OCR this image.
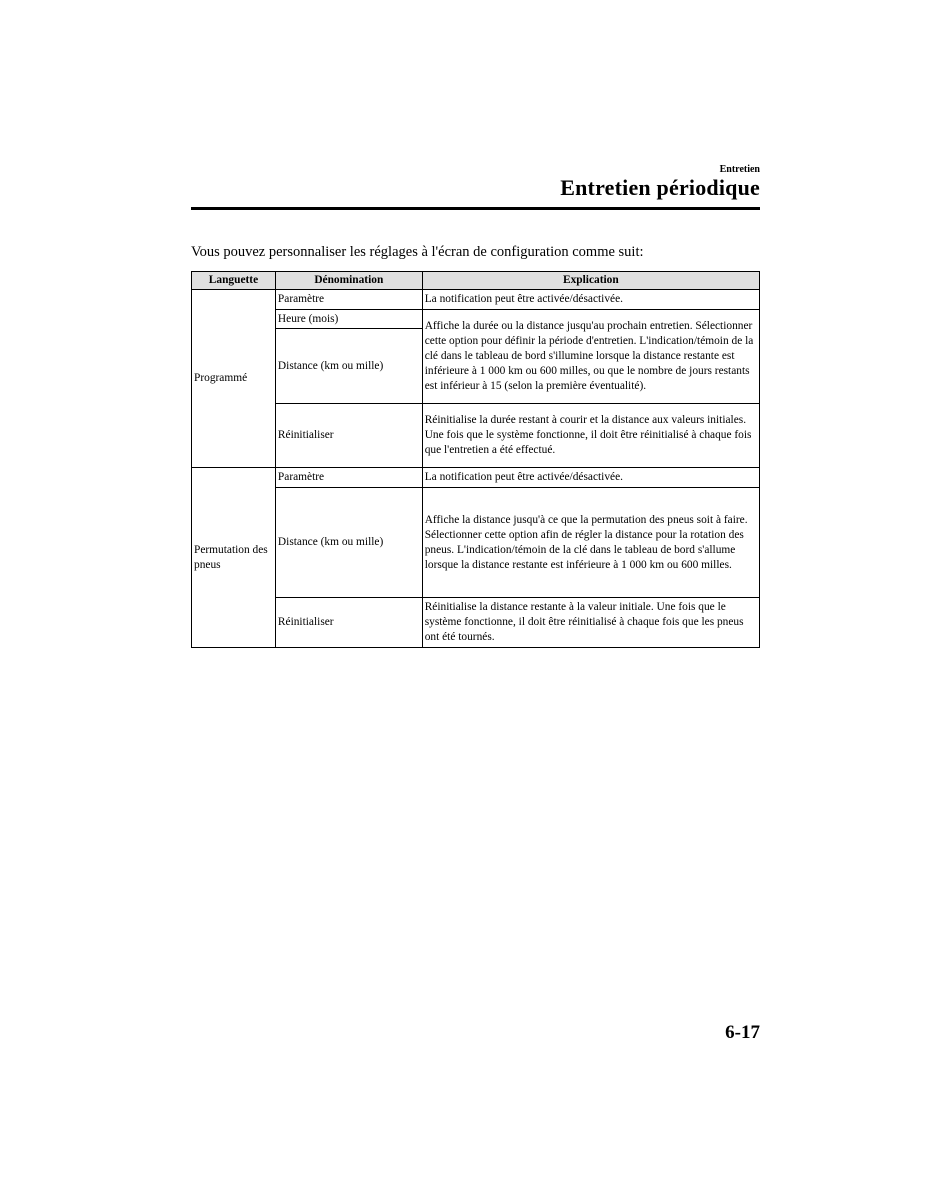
Entretien
Entretien périodique
Vous pouvez personnaliser les réglages à l'écran de configuration comme suit:
Languette	Dénomination	Explication
Programmé	Paramètre	La notification peut être activée/désactivée.
	Heure (mois)	Affiche la durée ou la distance jusqu'au prochain entretien. Sélectionner cette option pour définir la période d'entretien. L'indication/témoin de la clé dans le tableau de bord s'illumine lorsque la distance restante est inférieure à 1 000 km ou 600 milles, ou que le nombre de jours restants est inférieur à 15 (selon la première éventualité).
	Distance (km ou mille)	
	Réinitialiser	Réinitialise la durée restant à courir et la distance aux valeurs initiales. Une fois que le système fonctionne, il doit être réinitialisé à chaque fois que l'entretien a été effectué.
Permutation des pneus	Paramètre	La notification peut être activée/désactivée.
	Distance (km ou mille)	Affiche la distance jusqu'à ce que la permutation des pneus soit à faire. Sélectionner cette option afin de régler la distance pour la rotation des pneus. L'indication/témoin de la clé dans le tableau de bord s'allume lorsque la distance restante est inférieure à 1 000 km ou 600 milles.
	Réinitialiser	Réinitialise la distance restante à la valeur initiale. Une fois que le système fonctionne, il doit être réinitialisé à chaque fois que les pneus ont été tournés.
6-17
